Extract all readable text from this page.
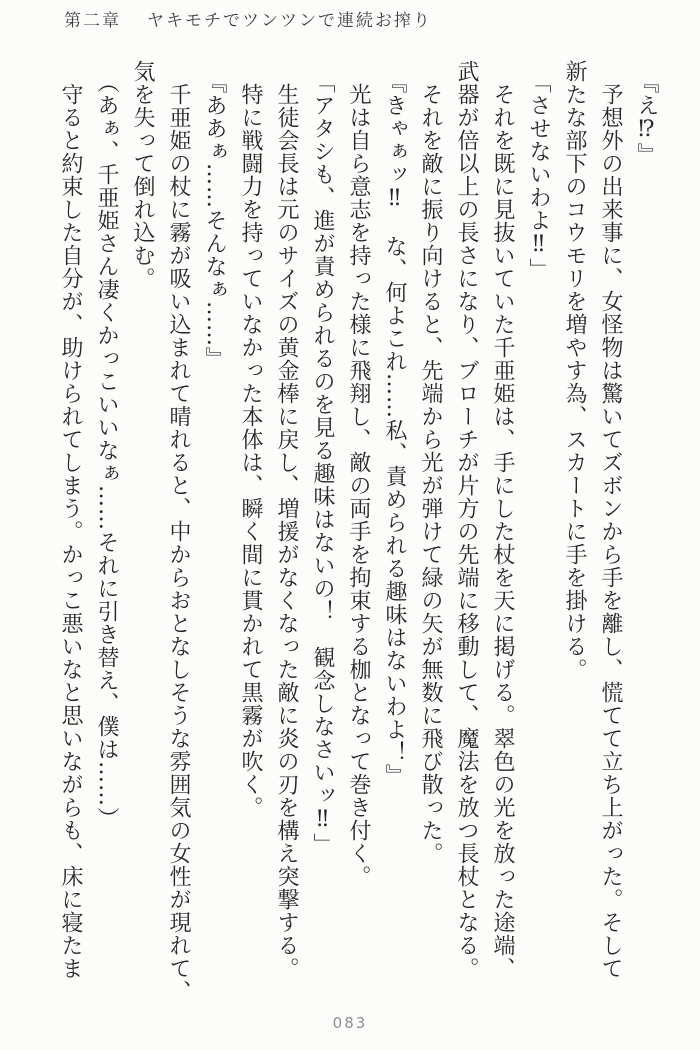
第二章 ヤキモチでツンツンで連続お搾り
『え⁉』
予想外の出来事に、女怪物は驚いてズボンから手を離し、慌てて立ち上がった。そして
新たな部下のコウモリを増やす為、スカートに手を掛ける。
「させないわよ‼」
それを既に見抜いていた千亜姫は、手にした杖を天に掲げる。翠色の光を放った途端、
武器が倍以上の長さになり、ブローチが片方の先端に移動して、魔法を放つ長杖となる。
それを敵に振り向けると、先端から光が弾けて緑の矢が無数に飛び散った。
『きゃぁッ‼　な、何よこれ……私、責められる趣味はないわよ！』
光は自ら意志を持った様に飛翔し、敵の両手を拘束する枷となって巻き付く。
「アタシも、進が責められるのを見る趣味はないの！　観念しなさいッ‼」
生徒会長は元のサイズの黄金棒に戻し、増援がなくなった敵に炎の刃を構え突撃する。
特に戦闘力を持っていなかった本体は、瞬く間に貫かれて黒霧が吹く。
『ああぁ……そんなぁ……』
千亜姫の杖に霧が吸い込まれて晴れると、中からおとなしそうな雰囲気の女性が現れて、
気を失って倒れ込む。
（あぁ、千亜姫さん凄くかっこいいなぁ……それに引き替え、僕は……）
守ると約束した自分が、助けられてしまう。かっこ悪いなと思いながらも、床に寝たま
083
